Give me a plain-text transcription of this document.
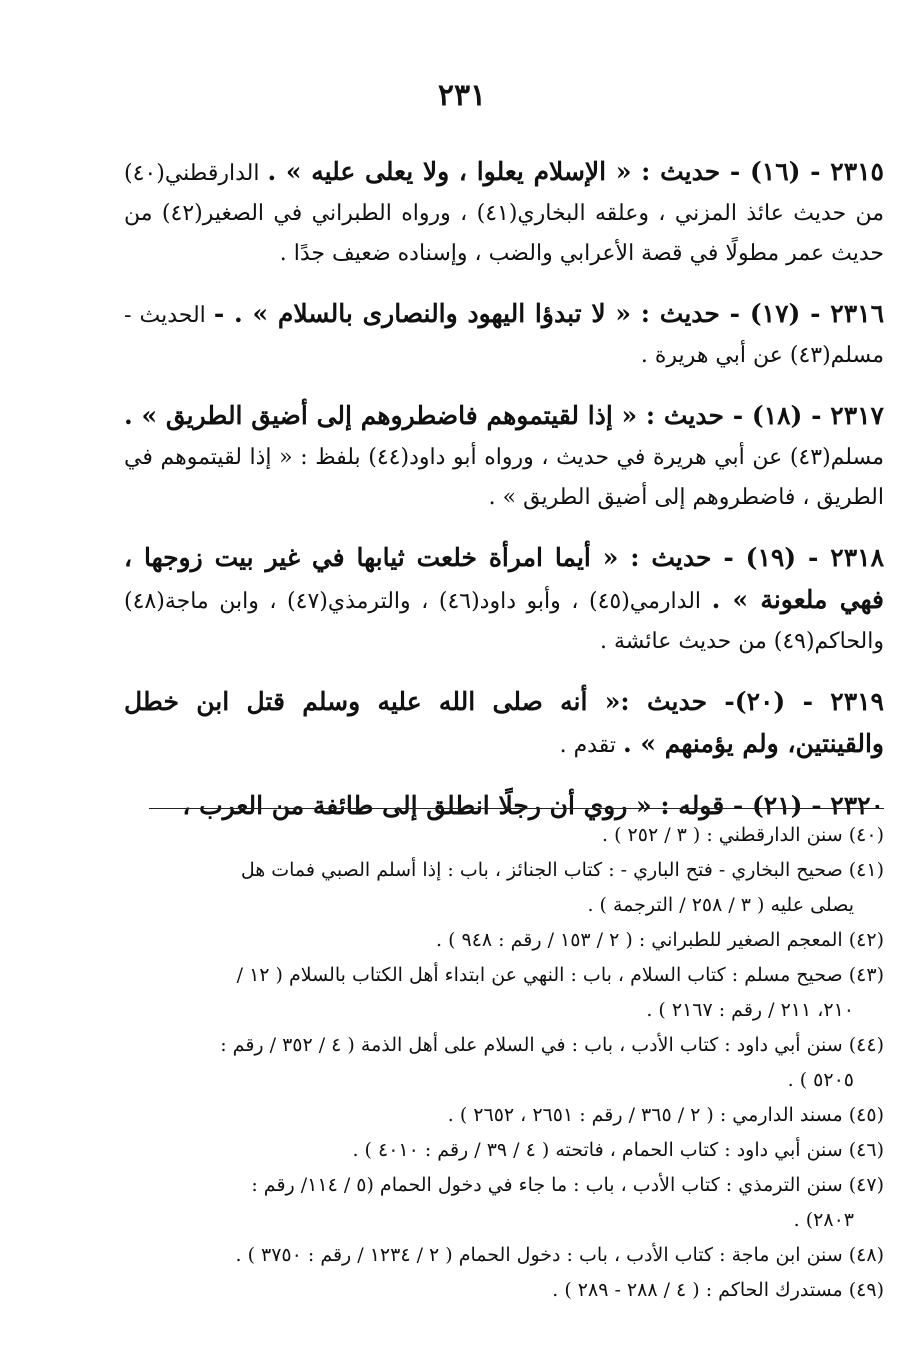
٢٣١

٢٣١٥ - (١٦) - حديث : « الإسلام يعلوا ، ولا يعلى عليه » . الدارقطني(٤٠) من حديث عائذ المزني ، وعلقه البخاري(٤١) ، ورواه الطبراني في الصغير(٤٢) من حديث عمر مطولًا في قصة الأعرابي والضب ، وإسناده ضعيف جدًا .

٢٣١٦ - (١٧) - حديث : « لا تبدؤا اليهود والنصارى بالسلام » . - الحديث - مسلم(٤٣) عن أبي هريرة .

٢٣١٧ - (١٨) - حديث : « إذا لقيتموهم فاضطروهم إلى أضيق الطريق » . مسلم(٤٣) عن أبي هريرة في حديث ، ورواه أبو داود(٤٤) بلفظ : « إذا لقيتموهم في الطريق ، فاضطروهم إلى أضيق الطريق » .

٢٣١٨ - (١٩) - حديث : « أيما امرأة خلعت ثيابها في غير بيت زوجها ، فهي ملعونة » . الدارمي(٤٥) ، وأبو داود(٤٦) ، والترمذي(٤٧) ، وابن ماجة(٤٨) والحاكم(٤٩) من حديث عائشة .

٢٣١٩ - (٢٠)- حديث :« أنه صلى الله عليه وسلم قتل ابن خطل والقينتين، ولم يؤمنهم » . تقدم .

٢٣٢٠ - (٢١) - قوله : « روي أن رجلًا انطلق إلى طائفة من العرب ،

(٤٠) سنن الدارقطني : ( ٣ / ٢٥٢ ) .

(٤١) صحيح البخاري - فتح الباري - : كتاب الجنائز ، باب : إذا أسلم الصبي فمات هل

يصلى عليه ( ٣ / ٢٥٨ / الترجمة ) .

(٤٢) المعجم الصغير للطبراني : ( ٢ / ١٥٣ / رقم : ٩٤٨ ) .

(٤٣) صحيح مسلم : كتاب السلام ، باب : النهي عن ابتداء أهل الكتاب بالسلام ( ١٢ /

٢١٠، ٢١١ / رقم : ٢١٦٧ ) .

(٤٤) سنن أبي داود : كتاب الأدب ، باب : في السلام على أهل الذمة ( ٤ / ٣٥٢ / رقم :

٥٢٠٥ ) .

(٤٥) مسند الدارمي : ( ٢ / ٣٦٥ / رقم : ٢٦٥١ ، ٢٦٥٢ ) .

(٤٦) سنن أبي داود : كتاب الحمام ، فاتحته ( ٤ / ٣٩ / رقم : ٤٠١٠ ) .

(٤٧) سنن الترمذي : كتاب الأدب ، باب : ما جاء في دخول الحمام (٥ / ١١٤/ رقم :

٢٨٠٣) .

(٤٨) سنن ابن ماجة : كتاب الأدب ، باب : دخول الحمام ( ٢ / ١٢٣٤ / رقم : ٣٧٥٠ ) .

(٤٩) مستدرك الحاكم : ( ٤ / ٢٨٨ - ٢٨٩ ) .
